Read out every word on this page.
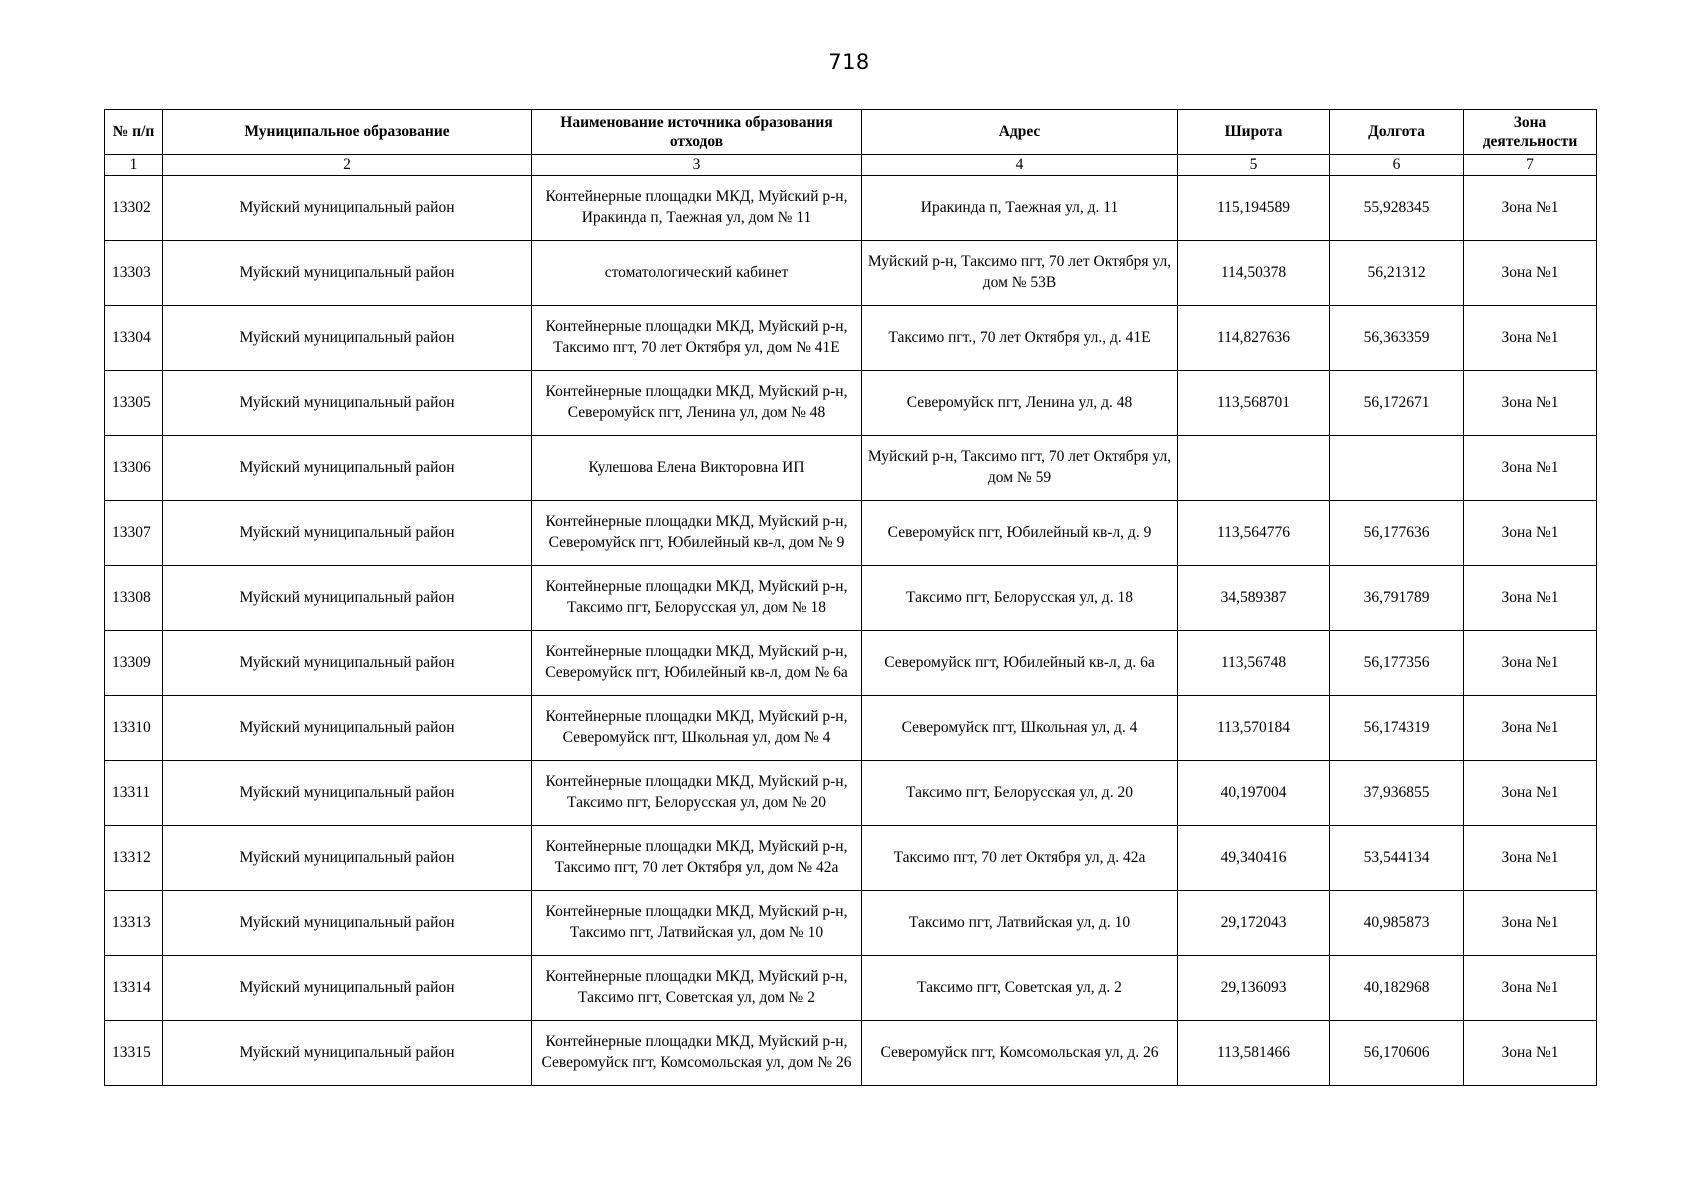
718
№ п/п	Муниципальное образование	Наименование источника образования отходов	Адрес	Широта	Долгота	Зона деятельности
1	2	3	4	5	6	7
13302	Муйский муниципальный район	Контейнерные площадки МКД, Муйский р-н, Иракинда п, Таежная ул, дом № 11	Иракинда п, Таежная ул, д. 11	115,194589	55,928345	Зона №1
13303	Муйский муниципальный район	стоматологический кабинет	Муйский р-н, Таксимо пгт, 70 лет Октября ул, дом № 53В	114,50378	56,21312	Зона №1
13304	Муйский муниципальный район	Контейнерные площадки МКД, Муйский р-н, Таксимо пгт, 70 лет Октября ул, дом № 41Е	Таксимо пгт., 70 лет Октября ул., д. 41Е	114,827636	56,363359	Зона №1
13305	Муйский муниципальный район	Контейнерные площадки МКД, Муйский р-н, Северомуйск пгт, Ленина ул, дом № 48	Северомуйск пгт, Ленина ул, д. 48	113,568701	56,172671	Зона №1
13306	Муйский муниципальный район	Кулешова Елена Викторовна ИП	Муйский р-н, Таксимо пгт, 70 лет Октября ул, дом № 59			Зона №1
13307	Муйский муниципальный район	Контейнерные площадки МКД, Муйский р-н, Северомуйск пгт, Юбилейный кв-л, дом № 9	Северомуйск пгт, Юбилейный кв-л, д. 9	113,564776	56,177636	Зона №1
13308	Муйский муниципальный район	Контейнерные площадки МКД, Муйский р-н, Таксимо пгт, Белорусская ул, дом № 18	Таксимо пгт, Белорусская ул, д. 18	34,589387	36,791789	Зона №1
13309	Муйский муниципальный район	Контейнерные площадки МКД, Муйский р-н, Северомуйск пгт, Юбилейный кв-л, дом № 6а	Северомуйск пгт, Юбилейный кв-л, д. 6а	113,56748	56,177356	Зона №1
13310	Муйский муниципальный район	Контейнерные площадки МКД, Муйский р-н, Северомуйск пгт, Школьная ул, дом № 4	Северомуйск пгт, Школьная ул, д. 4	113,570184	56,174319	Зона №1
13311	Муйский муниципальный район	Контейнерные площадки МКД, Муйский р-н, Таксимо пгт, Белорусская ул, дом № 20	Таксимо пгт, Белорусская ул, д. 20	40,197004	37,936855	Зона №1
13312	Муйский муниципальный район	Контейнерные площадки МКД, Муйский р-н, Таксимо пгт, 70 лет Октября ул, дом № 42а	Таксимо пгт, 70 лет Октября ул, д. 42а	49,340416	53,544134	Зона №1
13313	Муйский муниципальный район	Контейнерные площадки МКД, Муйский р-н, Таксимо пгт, Латвийская ул, дом № 10	Таксимо пгт, Латвийская ул, д. 10	29,172043	40,985873	Зона №1
13314	Муйский муниципальный район	Контейнерные площадки МКД, Муйский р-н, Таксимо пгт, Советская ул, дом № 2	Таксимо пгт, Советская ул, д. 2	29,136093	40,182968	Зона №1
13315	Муйский муниципальный район	Контейнерные площадки МКД, Муйский р-н, Северомуйск пгт, Комсомольская ул, дом № 26	Северомуйск пгт, Комсомольская ул, д. 26	113,581466	56,170606	Зона №1
